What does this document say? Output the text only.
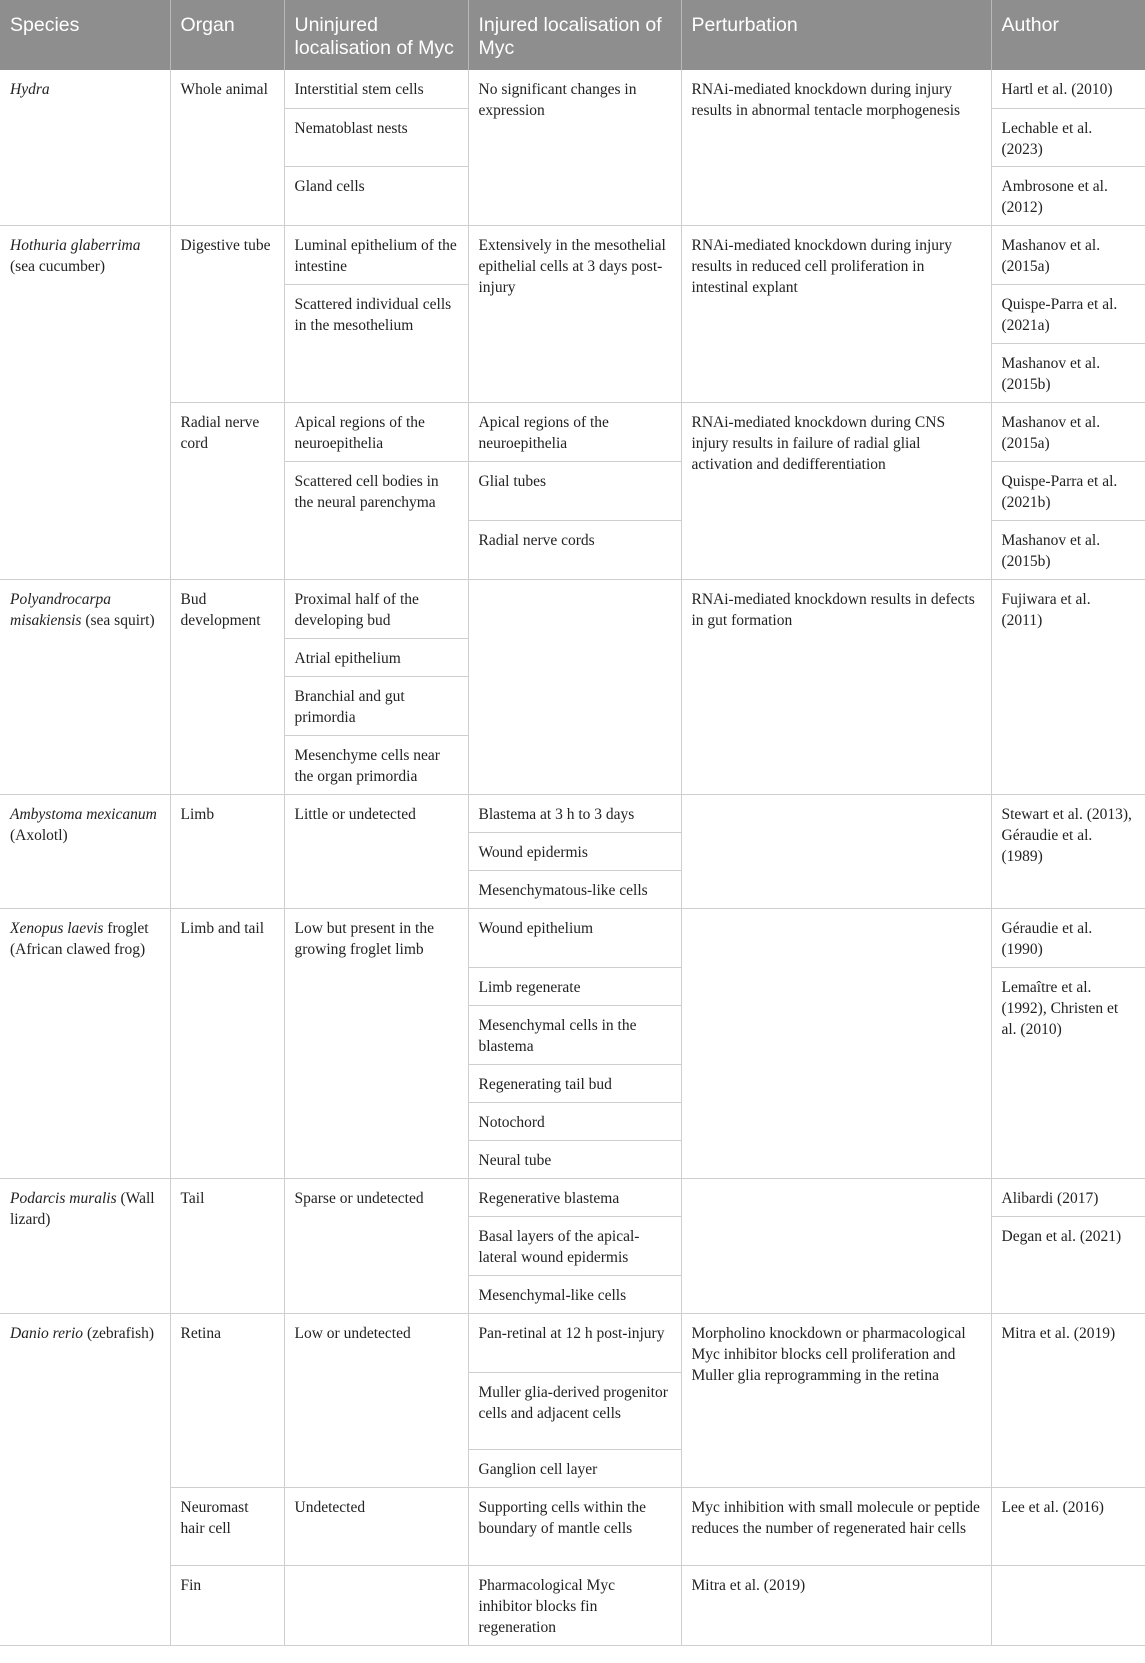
Species	Organ	Uninjured localisation of Myc	Injured localisation of Myc	Perturbation	Author
Hydra	Whole animal	Interstitial stem cells	No significant changes in expression	RNAi-mediated knockdown during injury results in abnormal tentacle morphogenesis	Hartl et al. (2010)
		Nematoblast nests			Lechable et al. (2023)
		Gland cells			Ambrosone et al. (2012)
Hothuria glaberrima (sea cucumber)	Digestive tube	Luminal epithelium of the intestine	Extensively in the mesothelial epithelial cells at 3 days post-injury	RNAi-mediated knockdown during injury results in reduced cell proliferation in intestinal explant	Mashanov et al. (2015a)
		Scattered individual cells in the mesothelium			Quispe-Parra et al. (2021a)
					Mashanov et al. (2015b)
	Radial nerve cord	Apical regions of the neuroepithelia	Apical regions of the neuroepithelia	RNAi-mediated knockdown during CNS injury results in failure of radial glial activation and dedifferentiation	Mashanov et al. (2015a)
		Scattered cell bodies in the neural parenchyma	Glial tubes		Quispe-Parra et al. (2021b)
			Radial nerve cords		Mashanov et al. (2015b)
Polyandrocarpa misakiensis (sea squirt)	Bud development	Proximal half of the developing bud		RNAi-mediated knockdown results in defects in gut formation	Fujiwara et al. (2011)
		Atrial epithelium			
		Branchial and gut primordia			
		Mesenchyme cells near the organ primordia			
Ambystoma mexicanum (Axolotl)	Limb	Little or undetected	Blastema at 3 h to 3 days		Stewart et al. (2013), Géraudie et al. (1989)
			Wound epidermis		
			Mesenchymatous-like cells		
Xenopus laevis froglet (African clawed frog)	Limb and tail	Low but present in the growing froglet limb	Wound epithelium		Géraudie et al. (1990)
			Limb regenerate		Lemaître et al. (1992), Christen et al. (2010)
			Mesenchymal cells in the blastema		
			Regenerating tail bud		
			Notochord		
			Neural tube		
Podarcis muralis (Wall lizard)	Tail	Sparse or undetected	Regenerative blastema		Alibardi (2017)
			Basal layers of the apical-lateral wound epidermis		Degan et al. (2021)
			Mesenchymal-like cells		
Danio rerio (zebrafish)	Retina	Low or undetected	Pan-retinal at 12 h post-injury	Morpholino knockdown or pharmacological Myc inhibitor blocks cell proliferation and Muller glia reprogramming in the retina	Mitra et al. (2019)
			Muller glia-derived progenitor cells and adjacent cells		
			Ganglion cell layer		
	Neuromast hair cell	Undetected	Supporting cells within the boundary of mantle cells	Myc inhibition with small molecule or peptide reduces the number of regenerated hair cells	Lee et al. (2016)
	Fin		Pharmacological Myc inhibitor blocks fin regeneration	Mitra et al. (2019)	
